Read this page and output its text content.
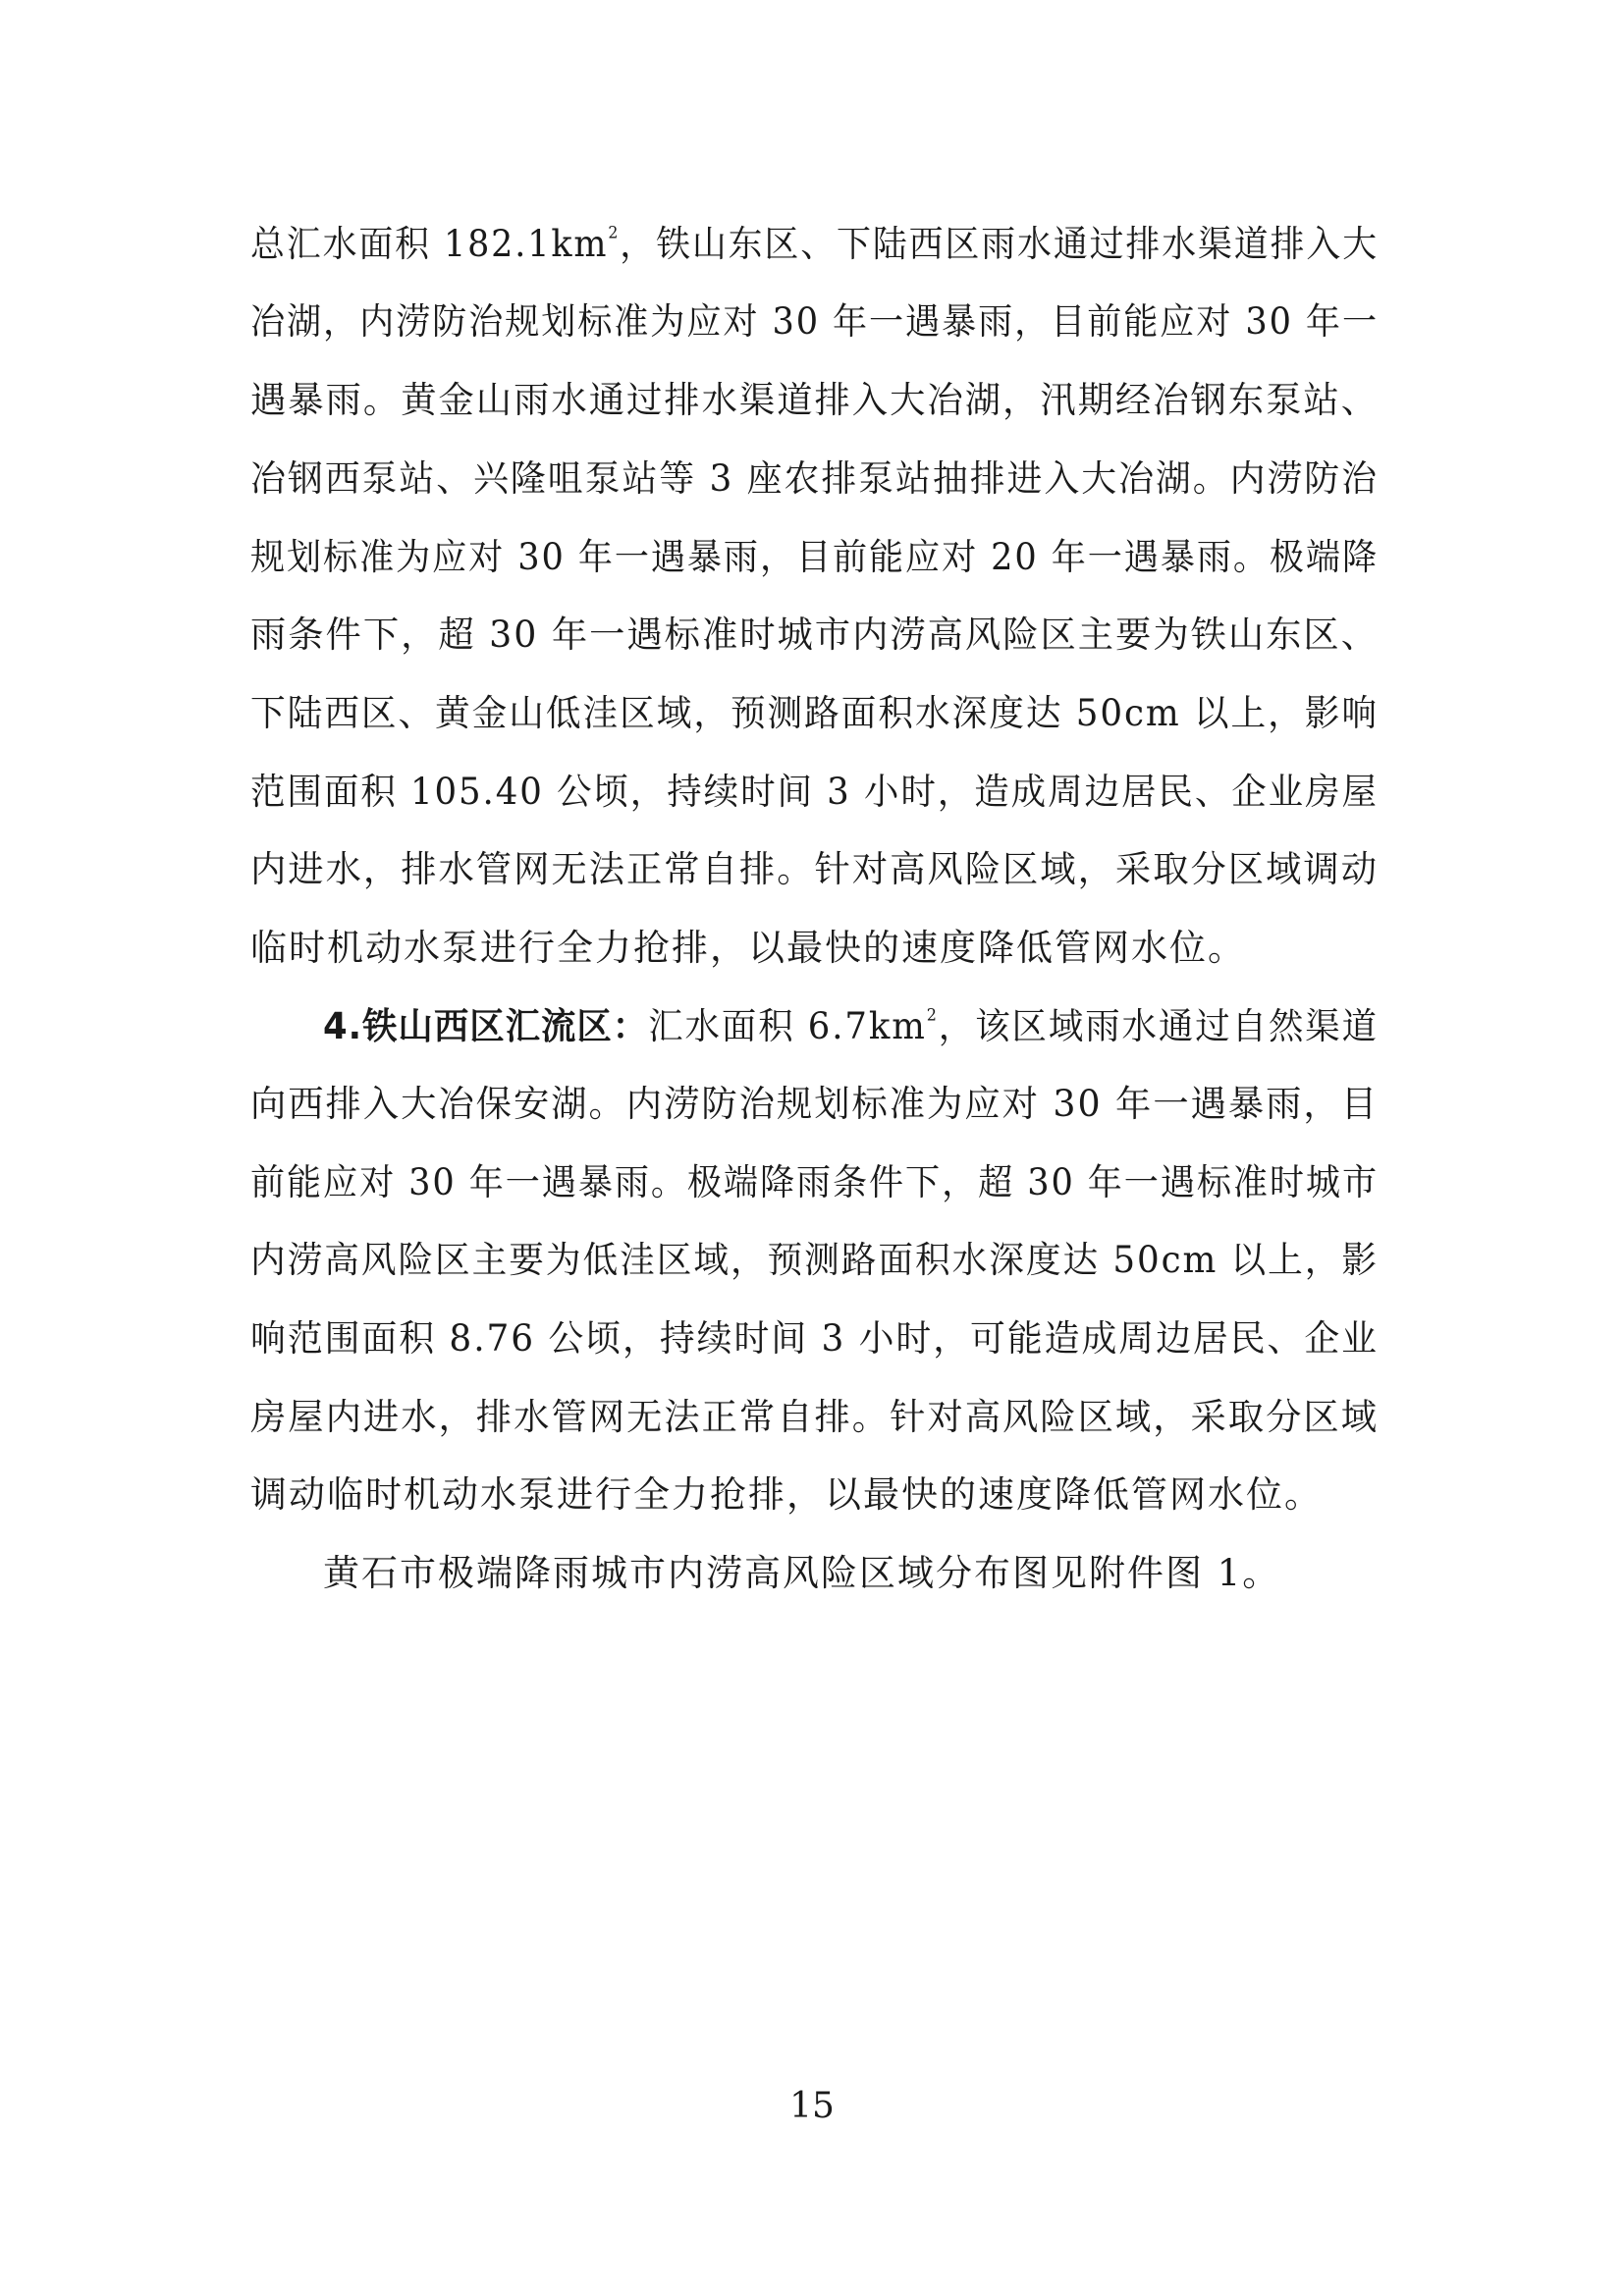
总汇水面积 $182.1km^2$，铁山东区、下陆西区雨水通过排水渠道排入大
冶湖，内涝防治规划标准为应对 30 年一遇暴雨，目前能应对 30 年一
遇暴雨。黄金山雨水通过排水渠道排入大冶湖，汛期经冶钢东泵站、
冶钢西泵站、兴隆咀泵站等 3 座农排泵站抽排进入大冶湖。内涝防治
规划标准为应对 30 年一遇暴雨，目前能应对 20 年一遇暴雨。极端降
雨条件下，超 30 年一遇标准时城市内涝高风险区主要为铁山东区、
下陆西区、黄金山低洼区域，预测路面积水深度达 50cm 以上，影响
范围面积 105.40 公顷，持续时间 3 小时，造成周边居民、企业房屋
内进水，排水管网无法正常自排。针对高风险区域，采取分区域调动
临时机动水泵进行全力抢排，以最快的速度降低管网水位。
4.铁山西区汇流区：汇水面积 $6.7km^2$，该区域雨水通过自然渠道
向西排入大冶保安湖。内涝防治规划标准为应对 30 年一遇暴雨，目
前能应对 30 年一遇暴雨。极端降雨条件下，超 30 年一遇标准时城市
内涝高风险区主要为低洼区域，预测路面积水深度达 50cm 以上，影
响范围面积 8.76 公顷，持续时间 3 小时，可能造成周边居民、企业
房屋内进水，排水管网无法正常自排。针对高风险区域，采取分区域
调动临时机动水泵进行全力抢排，以最快的速度降低管网水位。
黄石市极端降雨城市内涝高风险区域分布图见附件图 1。
15
